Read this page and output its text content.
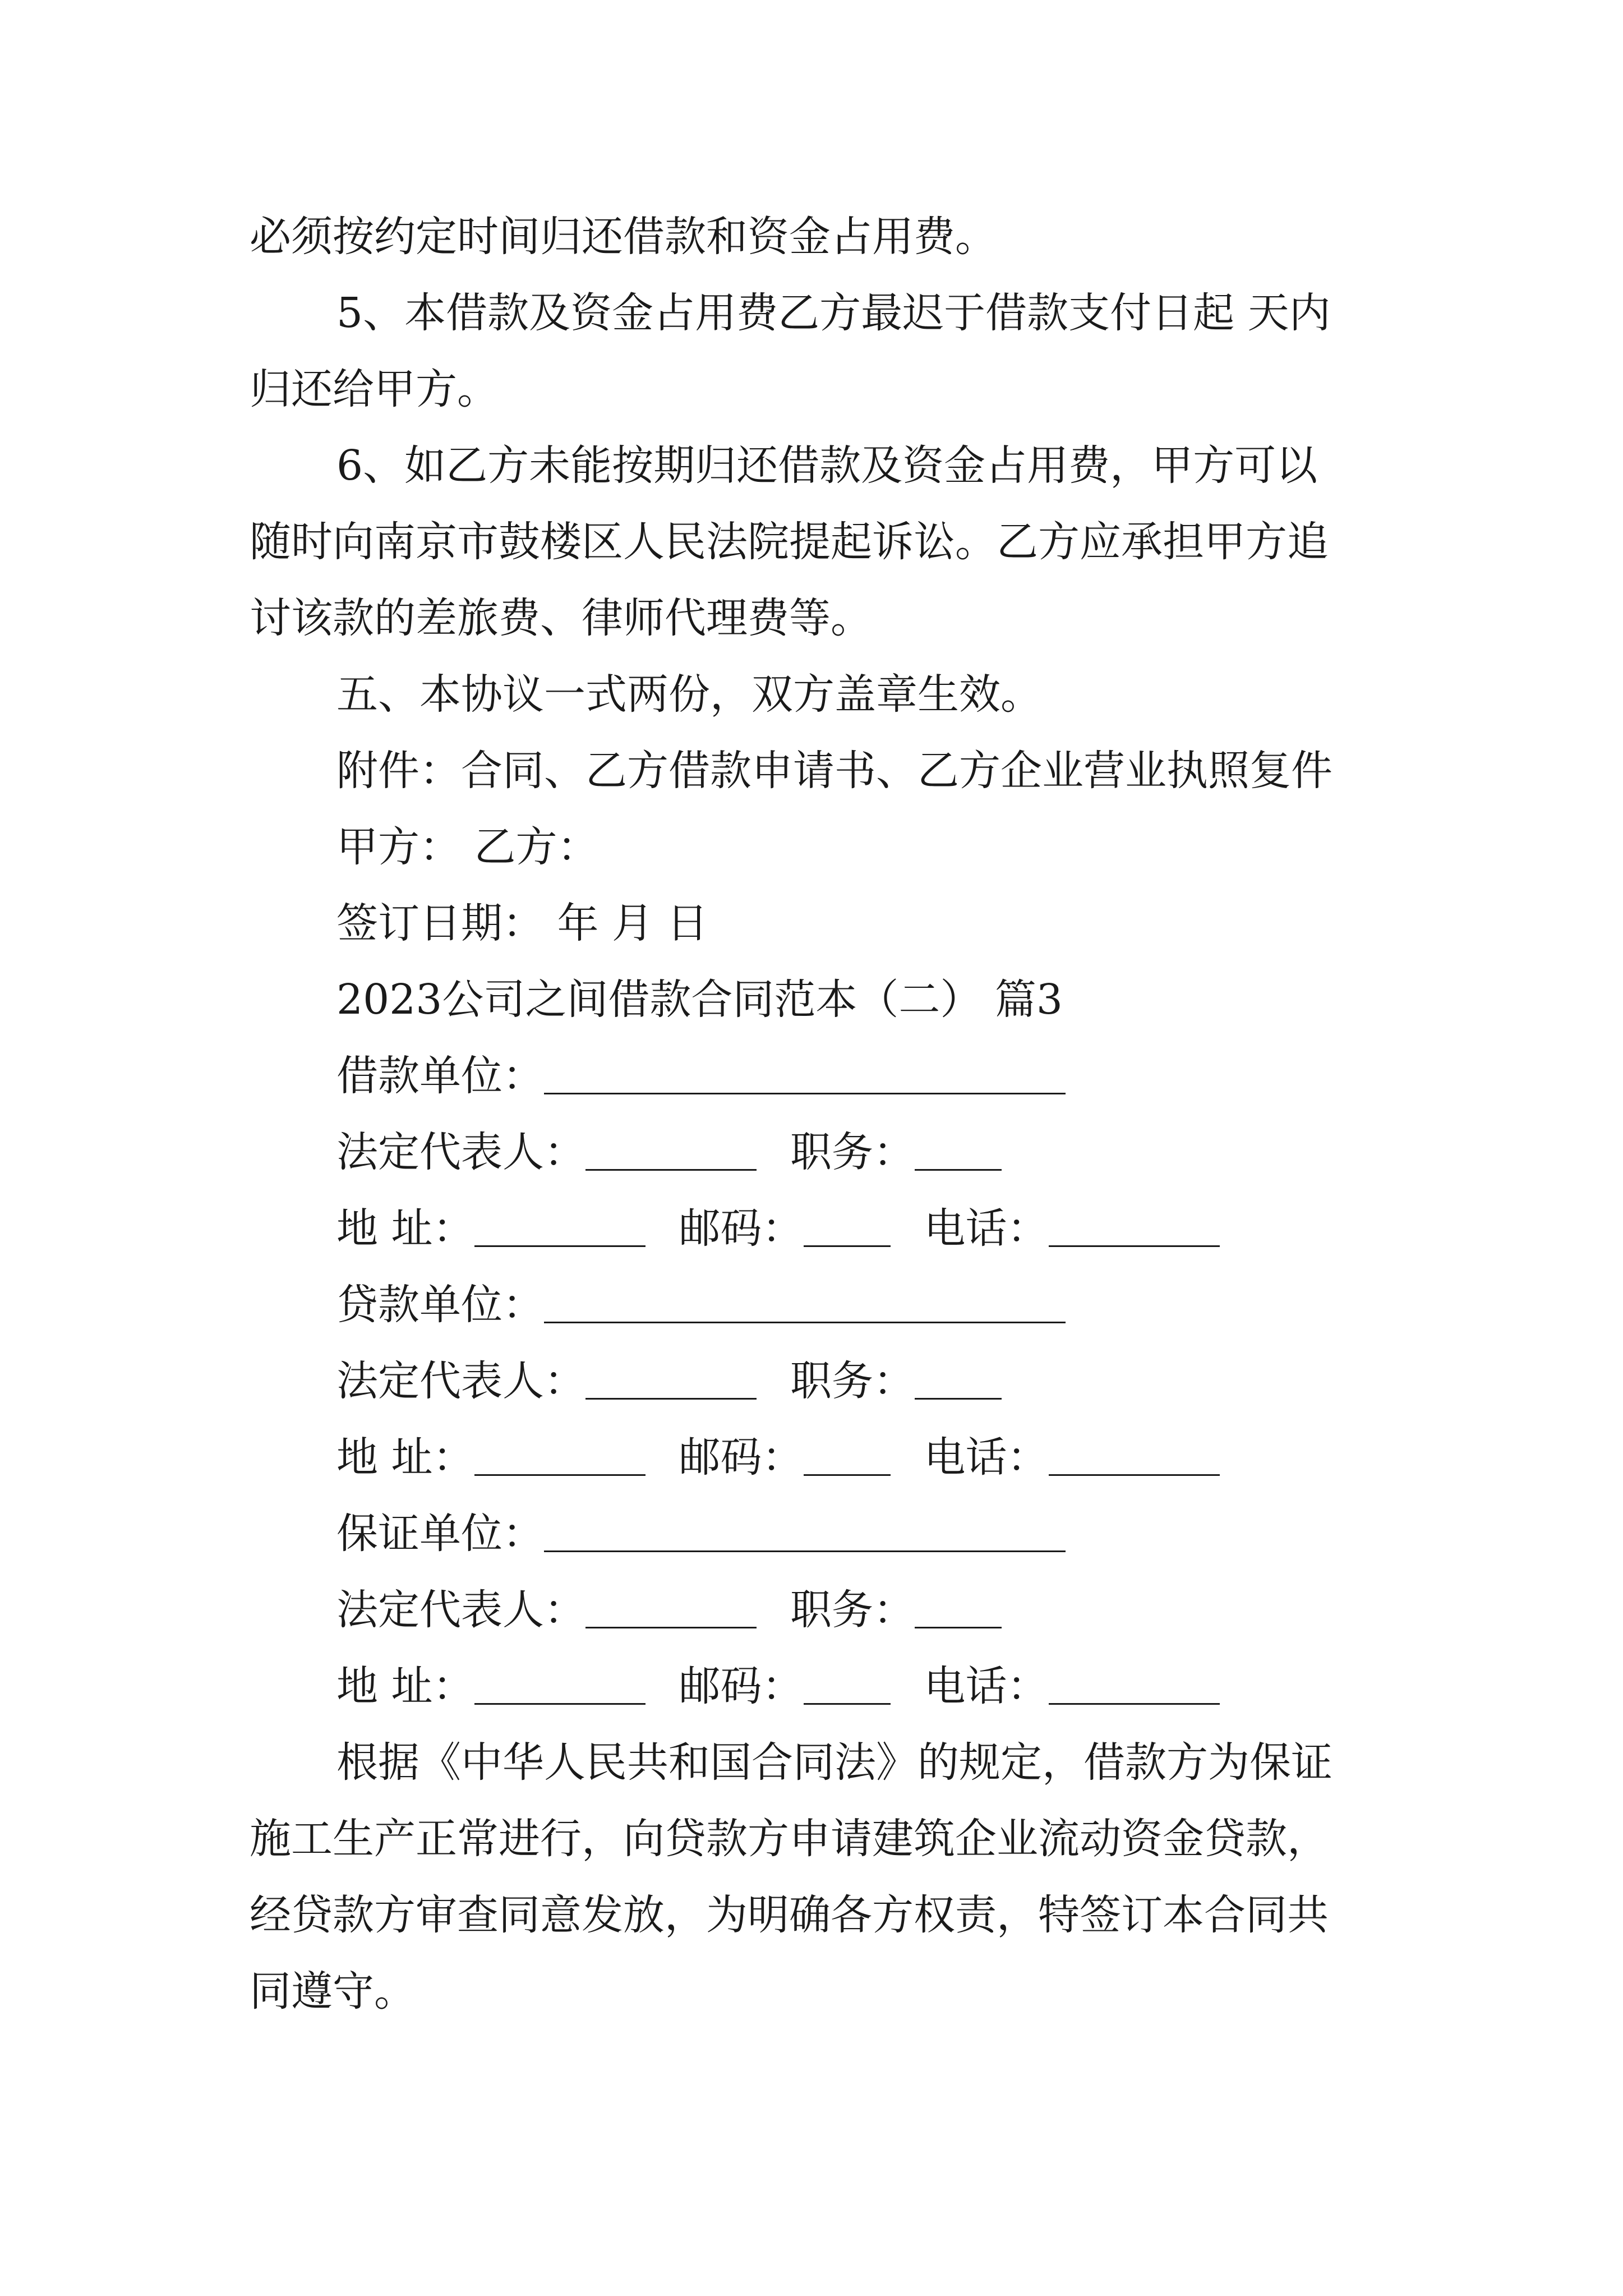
必须按约定时间归还借款和资金占用费。
5、本借款及资金占用费乙方最迟于借款支付日起 天内
归还给甲方。
6、如乙方未能按期归还借款及资金占用费，甲方可以
随时向南京市鼓楼区人民法院提起诉讼。乙方应承担甲方追
讨该款的差旅费、律师代理费等。
五、本协议一式两份，双方盖章生效。
附件：合同、乙方借款申请书、乙方企业营业执照复件
甲方： 乙方：
签订日期： 年 月 日
2023公司之间借款合同范本（二） 篇3
借款单位：
法定代表人：	职务：
地 址：	邮码：	电话：
贷款单位：
法定代表人：	职务：
地 址：	邮码：	电话：
保证单位：
法定代表人：	职务：
地 址：	邮码：	电话：
根据《中华人民共和国合同法》的规定，借款方为保证
施工生产正常进行，向贷款方申请建筑企业流动资金贷款，
经贷款方审查同意发放，为明确各方权责，特签订本合同共
同遵守。
